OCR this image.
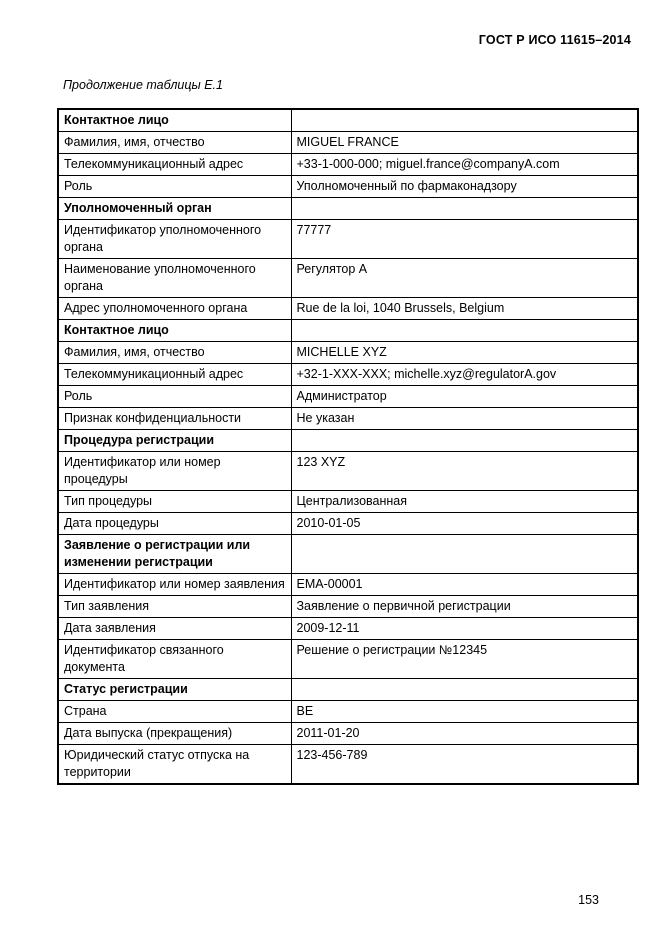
ГОСТ Р ИСО 11615–2014
Продолжение таблицы Е.1
Контактное лицо	
Фамилия, имя, отчество	MIGUEL FRANCE
Телекоммуникационный адрес	+33-1-000-000; miguel.france@companyA.com
Роль	Уполномоченный по фармаконадзору
Уполномоченный орган	
Идентификатор уполномоченного органа	77777
Наименование уполномоченного органа	Регулятор А
Адрес уполномоченного органа	Rue de la loi, 1040 Brussels, Belgium
Контактное лицо	
Фамилия, имя, отчество	MICHELLE XYZ
Телекоммуникационный адрес	+32-1-XXX-XXX; michelle.xyz@regulatorA.gov
Роль	Администратор
Признак конфиденциальности	Не указан
Процедура регистрации	
Идентификатор или номер процедуры	123 XYZ
Тип процедуры	Централизованная
Дата процедуры	2010-01-05
Заявление о регистрации или изменении регистрации	
Идентификатор или номер заявления	EMA-00001
Тип заявления	Заявление о первичной регистрации
Дата заявления	2009-12-11
Идентификатор связанного документа	Решение о регистрации №12345
Статус регистрации	
Страна	BE
Дата выпуска (прекращения)	2011-01-20
Юридический статус отпуска на территории	123-456-789
153
